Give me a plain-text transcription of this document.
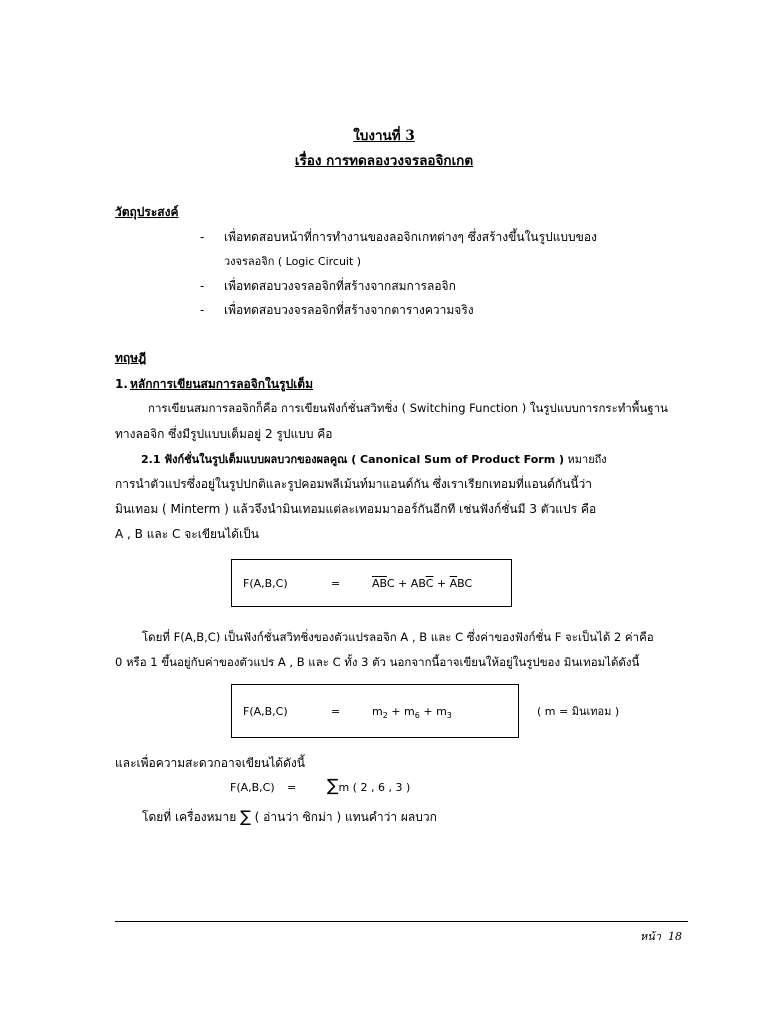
ใบงานที่ 3
เรื่อง การทดลองวงจรลอจิกเกต
วัตถุประสงค์
- เพื่อทดสอบหน้าที่การทำงานของลอจิกเกทต่างๆ ซึ่งสร้างขึ้นในรูปแบบของ
วงจรลอจิก ( Logic Circuit )
- เพื่อทดสอบวงจรลอจิกที่สร้างจากสมการลอจิก
- เพื่อทดสอบวงจรลอจิกที่สร้างจากตารางความจริง
ทฤษฎี
1. หลักการเขียนสมการลอจิกในรูปเต็ม
การเขียนสมการลอจิกก็คือ การเขียนฟังก์ชั่นสวิทชิ่ง ( Switching Function ) ในรูปแบบการกระทำพื้นฐาน
ทางลอจิก ซึ่งมีรูปแบบเต็มอยู่ 2 รูปแบบ คือ
2.1 ฟังก์ชั่นในรูปเต็มแบบผลบวกของผลคูณ ( Canonical Sum of Product Form ) หมายถึง
การนำตัวแปรซึ่งอยู่ในรูปปกติและรูปคอมพลีเม้นท์มาแอนด์กัน ซึ่งเราเรียกเทอมที่แอนด์กันนี้ว่า
มินเทอม ( Minterm ) แล้วจึงนำมินเทอมแต่ละเทอมมาออร์กันอีกที เช่นฟังก์ชั่นมี 3 ตัวแปร คือ
A , B และ C จะเขียนได้เป็น
F(A,B,C)	=	$\overline{A}\overline{B}C + AB\overline{C} + \overline{A}BC$
โดยที่ F(A,B,C) เป็นฟังก์ชั่นสวิทชิ่งของตัวแปรลอจิก A , B และ C ซึ่งค่าของฟังก์ชั่น F จะเป็นได้ 2 ค่าคือ
0 หรือ 1 ขึ้นอยู่กับค่าของตัวแปร A , B และ C ทั้ง 3 ตัว นอกจากนี้อาจเขียนให้อยู่ในรูปของ มินเทอมได้ดังนี้
F(A,B,C)	=	$m_2 + m_6 + m_3$	( m = มินเทอม )
และเพื่อความสะดวกอาจเขียนได้ดังนี้
F(A,B,C) = ∑m ( 2 , 6 , 3 )
โดยที่ เครื่องหมาย ∑ ( อ่านว่า ซิกม่า ) แทนคำว่า ผลบวก
หน้า 18
